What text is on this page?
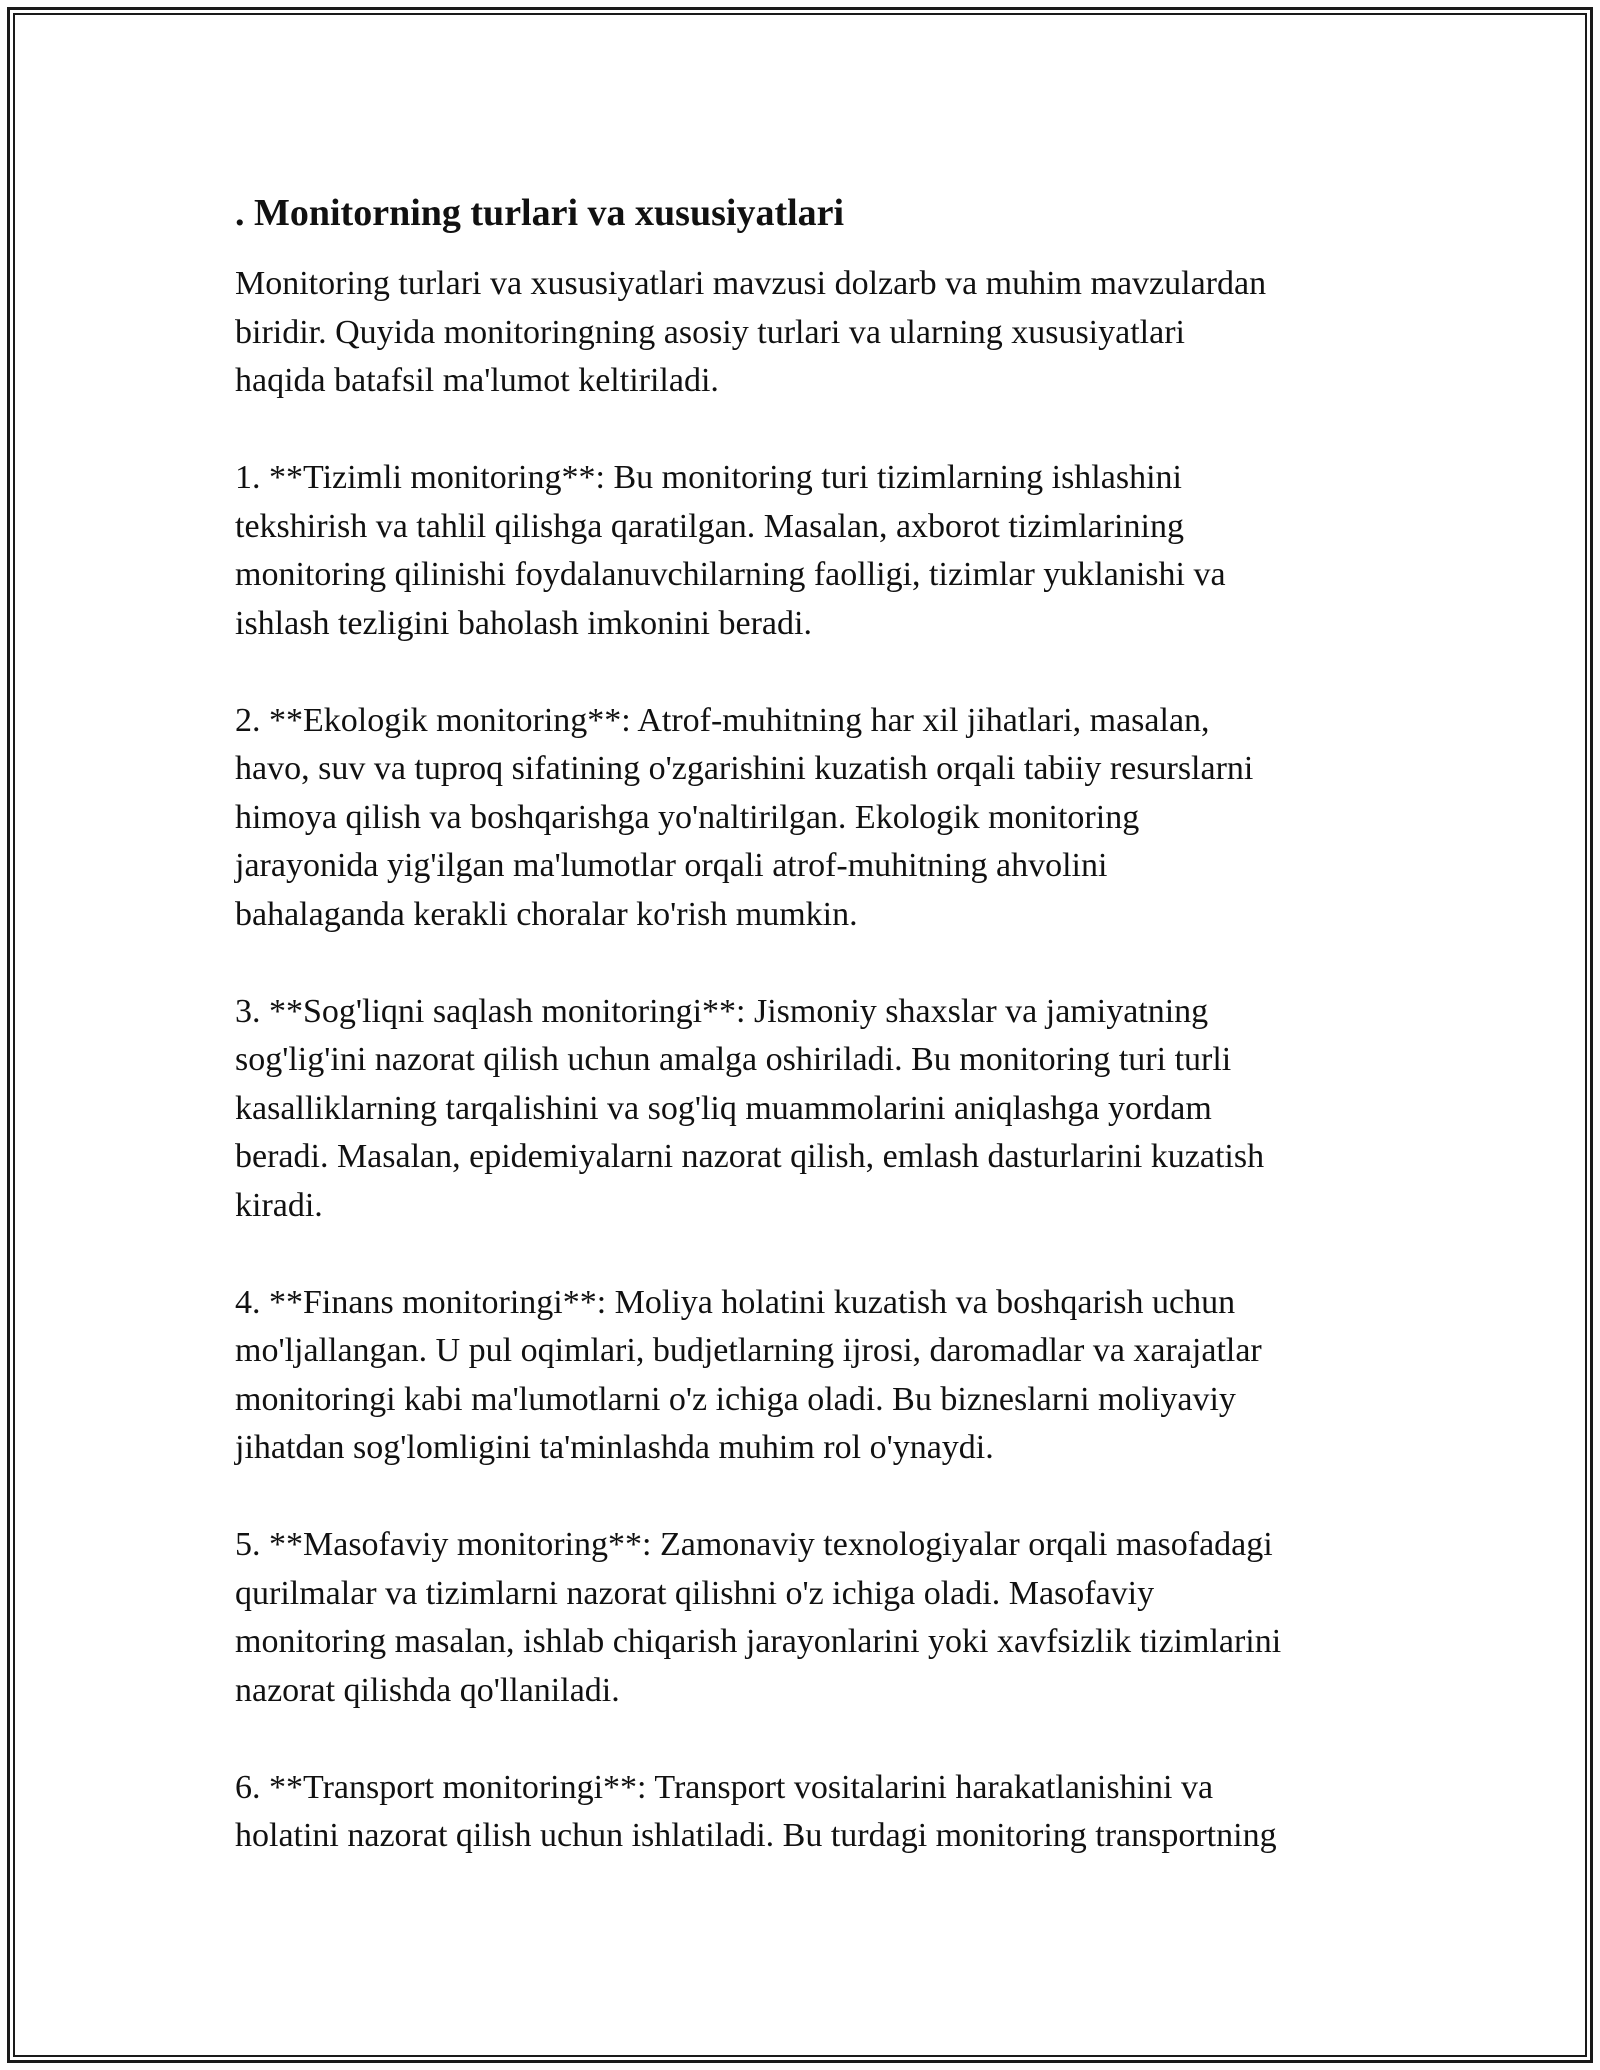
. Monitorning turlari va xususiyatlari
Monitoring turlari va xususiyatlari mavzusi dolzarb va muhim mavzulardan
biridir. Quyida monitoringning asosiy turlari va ularning xususiyatlari
haqida batafsil ma'lumot keltiriladi.
1. **Tizimli monitoring**: Bu monitoring turi tizimlarning ishlashini
tekshirish va tahlil qilishga qaratilgan. Masalan, axborot tizimlarining
monitoring qilinishi foydalanuvchilarning faolligi, tizimlar yuklanishi va
ishlash tezligini baholash imkonini beradi.
2. **Ekologik monitoring**: Atrof-muhitning har xil jihatlari, masalan,
havo, suv va tuproq sifatining o'zgarishini kuzatish orqali tabiiy resurslarni
himoya qilish va boshqarishga yo'naltirilgan. Ekologik monitoring
jarayonida yig'ilgan ma'lumotlar orqali atrof-muhitning ahvolini
bahalaganda kerakli choralar ko'rish mumkin.
3. **Sog'liqni saqlash monitoringi**: Jismoniy shaxslar va jamiyatning
sog'lig'ini nazorat qilish uchun amalga oshiriladi. Bu monitoring turi turli
kasalliklarning tarqalishini va sog'liq muammolarini aniqlashga yordam
beradi. Masalan, epidemiyalarni nazorat qilish, emlash dasturlarini kuzatish
kiradi.
4. **Finans monitoringi**: Moliya holatini kuzatish va boshqarish uchun
mo'ljallangan. U pul oqimlari, budjetlarning ijrosi, daromadlar va xarajatlar
monitoringi kabi ma'lumotlarni o'z ichiga oladi. Bu bizneslarni moliyaviy
jihatdan sog'lomligini ta'minlashda muhim rol o'ynaydi.
5. **Masofaviy monitoring**: Zamonaviy texnologiyalar orqali masofadagi
qurilmalar va tizimlarni nazorat qilishni o'z ichiga oladi. Masofaviy
monitoring masalan, ishlab chiqarish jarayonlarini yoki xavfsizlik tizimlarini
nazorat qilishda qo'llaniladi.
6. **Transport monitoringi**: Transport vositalarini harakatlanishini va
holatini nazorat qilish uchun ishlatiladi. Bu turdagi monitoring transportning
